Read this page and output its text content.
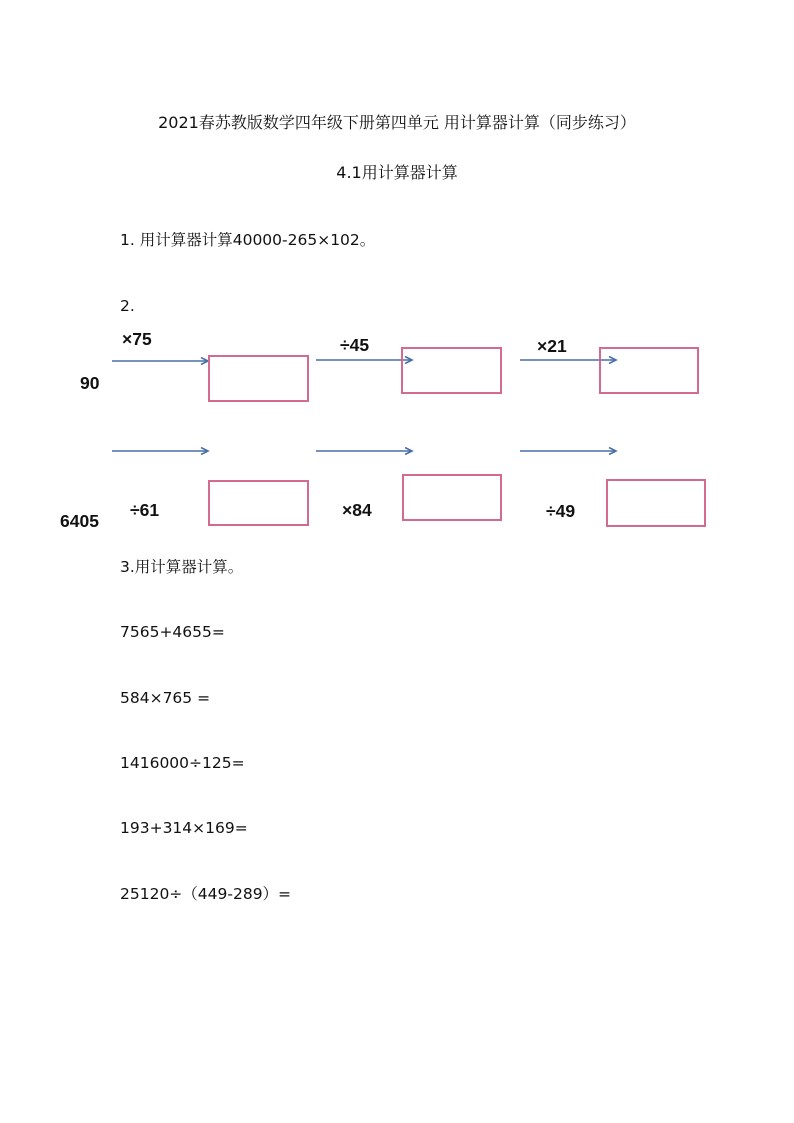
2021春苏教版数学四年级下册第四单元 用计算器计算（同步练习）
4.1用计算器计算
1. 用计算器计算40000-265×102。
2.
90
×75	÷45	×21
6405
÷61	×84	÷49
3.用计算器计算。
7565+4655=
584×765 =
1416000÷125=
193+314×169=
25120÷（449-289）=
